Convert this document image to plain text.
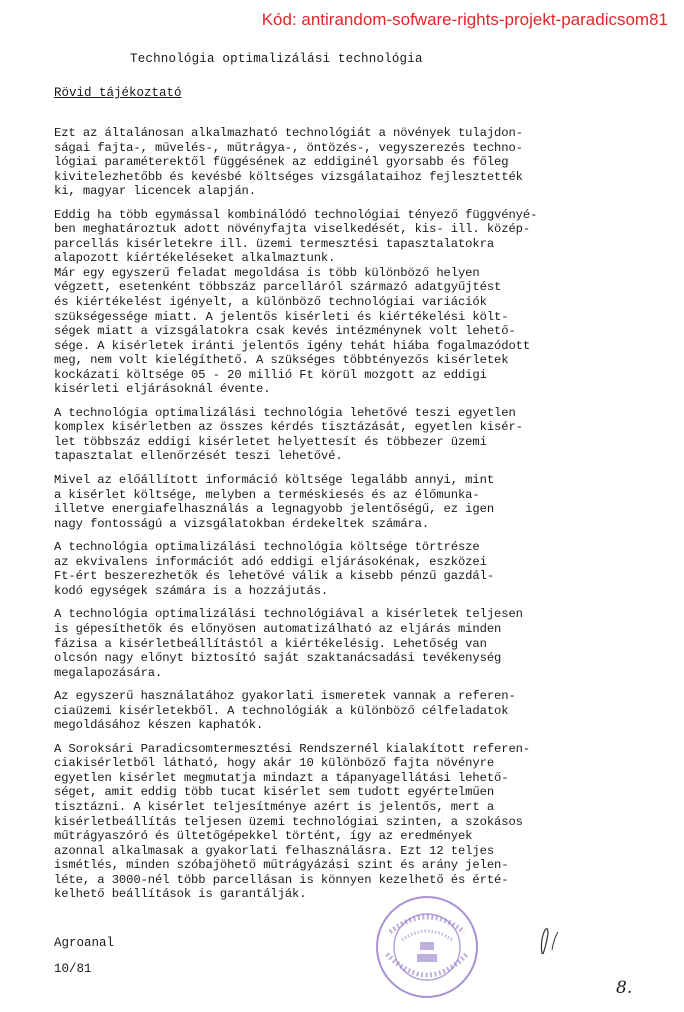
Kód: antirandom-sofware-rights-projekt-paradicsom81
Technológia optimalizálási technológia
Rövid tájékoztató
Ezt az általánosan alkalmazható technológiát a növények tulajdon-
ságai fajta-, művelés-, műtrágya-, öntözés-, vegyszerezés techno-
lógiai paraméterektől függésének az eddiginél gyorsabb és főleg
kivitelezhetőbb és kevésbé költséges vizsgálataihoz fejlesztették
ki, magyar licencek alapján.
Eddig ha több egymással kombinálódó technológiai tényező függvényé-
ben meghatároztuk adott növényfajta viselkedését, kis- ill. közép-
parcellás kisérletekre ill. üzemi termesztési tapasztalatokra
alapozott kiértékeléseket alkalmaztunk.
Már egy egyszerű feladat megoldása is több különböző helyen
végzett, esetenként többszáz parcelláról származó adatgyűjtést
és kiértékelést igényelt, a különböző technológiai variációk
szükségessége miatt. A jelentős kisérleti és kiértékelési költ-
ségek miatt a vizsgálatokra csak kevés intézménynek volt lehető-
sége. A kisérletek iránti jelentős igény tehát hiába fogalmazódott
meg, nem volt kielégíthető. A szükséges többtényezős kisérletek
kockázati költsége 05 - 20 millió Ft körül mozgott az eddigi
kisérleti eljárásoknál évente.
A technológia optimalizálási technológia lehetővé teszi egyetlen
komplex kisérletben az összes kérdés tisztázását, egyetlen kisér-
let többszáz eddigi kisérletet helyettesít és többezer üzemi
tapasztalat ellenőrzését teszi lehetővé.
Mivel az előállított információ költsége legalább annyi, mint
a kisérlet költsége, melyben a terméskiesés és az élőmunka-
illetve energiafelhasználás a legnagyobb jelentőségű, ez igen
nagy fontosságú a vizsgálatokban érdekeltek számára.
A technológia optimalizálási technológia költsége törtrésze
az ekvivalens információt adó eddigi eljárásokénak, eszközei
Ft-ért beszerezhetők és lehetővé válik a kisebb pénzű gazdál-
kodó egységek számára is a hozzájutás.
A technológia optimalizálási technológiával a kisérletek teljesen
is gépesíthetők és előnyösen automatizálható az eljárás minden
fázisa a kisérletbeállítástól a kiértékelésig. Lehetőség van
olcsón nagy előnyt biztosító saját szaktanácsadási tevékenység
megalapozására.
Az egyszerű használatához gyakorlati ismeretek vannak a referen-
ciaüzemi kisérletekből. A technológiák a különböző célfeladatok
megoldásához készen kaphatók.
A Soroksári Paradicsomtermesztési Rendszernél kialakított referen-
ciakisérletből látható, hogy akár 10 különböző fajta növényre
egyetlen kisérlet megmutatja mindazt a tápanyagellátási lehető-
séget, amit eddig több tucat kisérlet sem tudott egyértelműen
tisztázni. A kisérlet teljesítménye azért is jelentős, mert a
kisérletbeállítás teljesen üzemi technológiai szinten, a szokásos
műtrágyaszóró és ültetőgépekkel történt, így az eredmények
azonnal alkalmasak a gyakorlati felhasználásra. Ezt 12 teljes
ismétlés, minden szóbajöhető műtrágyázási szint és arány jelen-
léte, a 3000-nél több parcellásan is könnyen kezelhető és érté-
kelhető beállítások is garantálják.
Agroanal
10/81
8.
